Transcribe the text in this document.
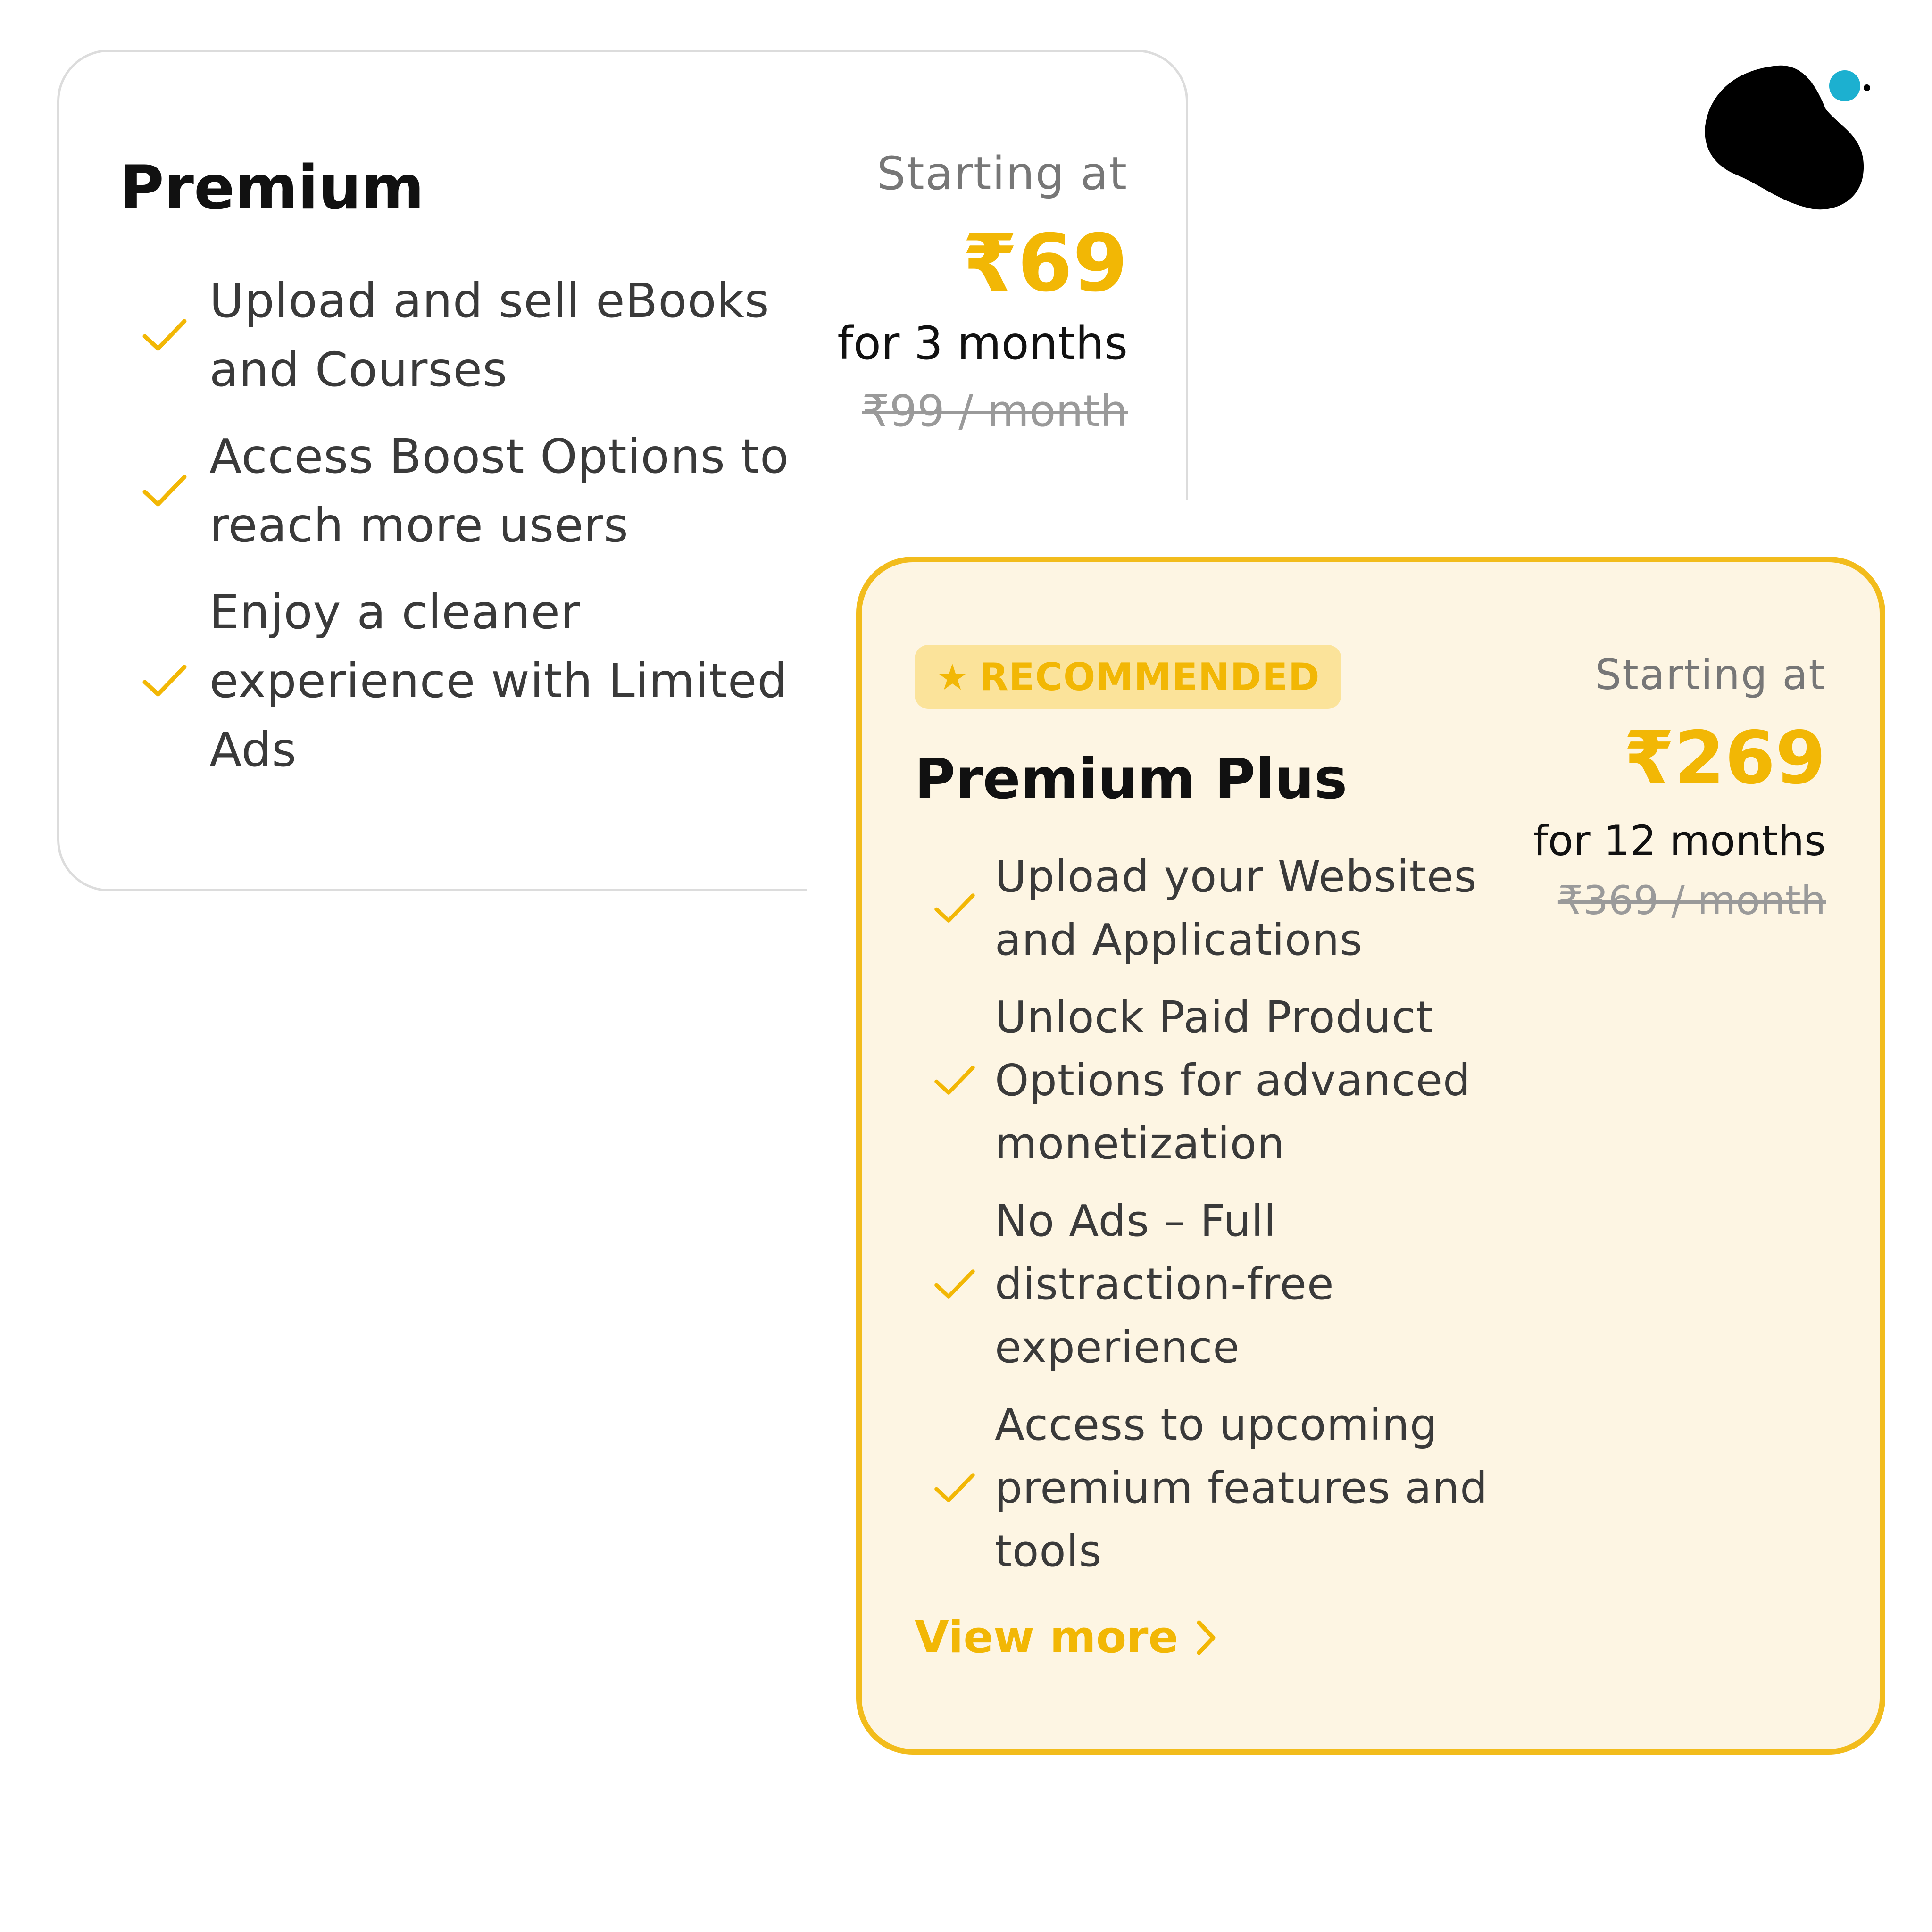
Premium
Upload and sell eBooks and Courses
Access Boost Options to reach more users
Enjoy a cleaner experience with Limited Ads
Starting at
₹69
for 3 months
₹99 / month
★ RECOMMENDED
Premium Plus
Upload your Websites and Applications
Unlock Paid Product Options for advanced monetization
No Ads – Full distraction-free experience
Access to upcoming premium features and tools
Starting at
₹269
for 12 months
₹369 / month
View more
